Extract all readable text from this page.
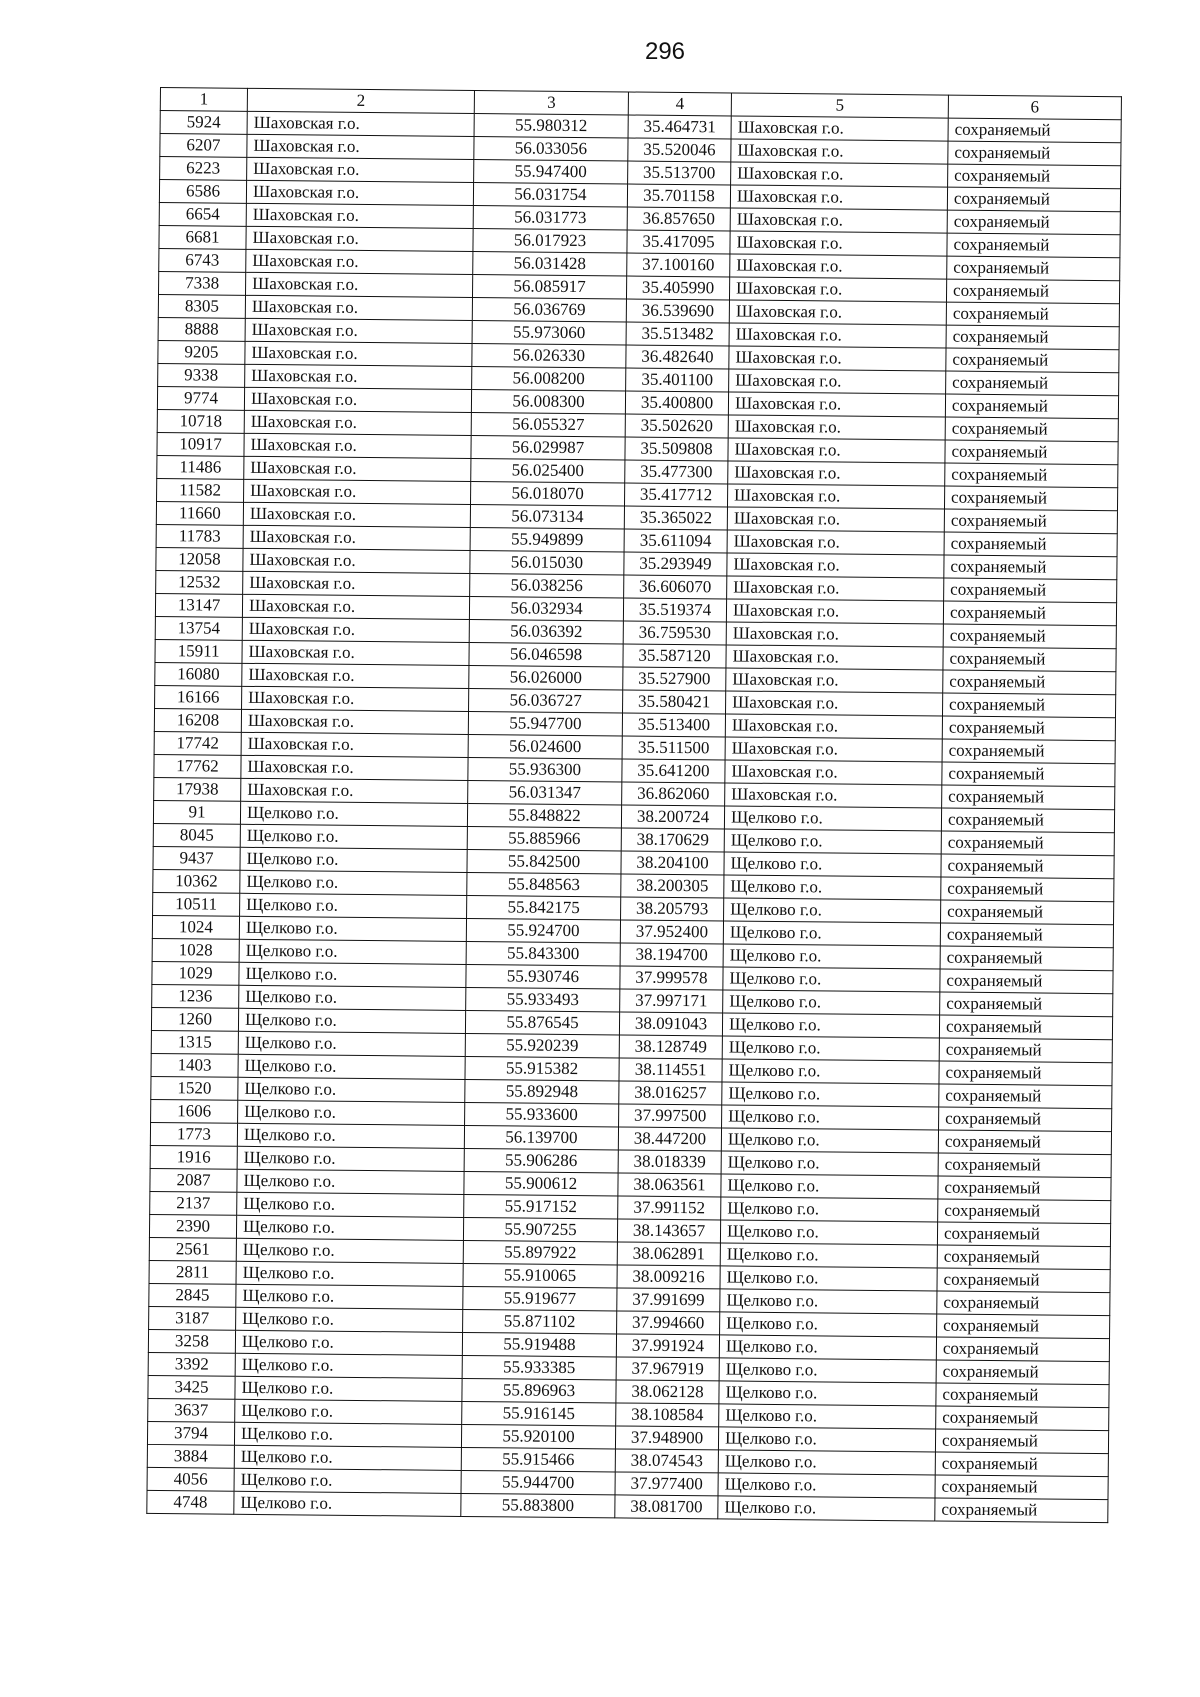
296
1	2	3	4	5	6
5924	Шаховская г.о.	55.980312	35.464731	Шаховская г.о.	сохраняемый
6207	Шаховская г.о.	56.033056	35.520046	Шаховская г.о.	сохраняемый
6223	Шаховская г.о.	55.947400	35.513700	Шаховская г.о.	сохраняемый
6586	Шаховская г.о.	56.031754	35.701158	Шаховская г.о.	сохраняемый
6654	Шаховская г.о.	56.031773	36.857650	Шаховская г.о.	сохраняемый
6681	Шаховская г.о.	56.017923	35.417095	Шаховская г.о.	сохраняемый
6743	Шаховская г.о.	56.031428	37.100160	Шаховская г.о.	сохраняемый
7338	Шаховская г.о.	56.085917	35.405990	Шаховская г.о.	сохраняемый
8305	Шаховская г.о.	56.036769	36.539690	Шаховская г.о.	сохраняемый
8888	Шаховская г.о.	55.973060	35.513482	Шаховская г.о.	сохраняемый
9205	Шаховская г.о.	56.026330	36.482640	Шаховская г.о.	сохраняемый
9338	Шаховская г.о.	56.008200	35.401100	Шаховская г.о.	сохраняемый
9774	Шаховская г.о.	56.008300	35.400800	Шаховская г.о.	сохраняемый
10718	Шаховская г.о.	56.055327	35.502620	Шаховская г.о.	сохраняемый
10917	Шаховская г.о.	56.029987	35.509808	Шаховская г.о.	сохраняемый
11486	Шаховская г.о.	56.025400	35.477300	Шаховская г.о.	сохраняемый
11582	Шаховская г.о.	56.018070	35.417712	Шаховская г.о.	сохраняемый
11660	Шаховская г.о.	56.073134	35.365022	Шаховская г.о.	сохраняемый
11783	Шаховская г.о.	55.949899	35.611094	Шаховская г.о.	сохраняемый
12058	Шаховская г.о.	56.015030	35.293949	Шаховская г.о.	сохраняемый
12532	Шаховская г.о.	56.038256	36.606070	Шаховская г.о.	сохраняемый
13147	Шаховская г.о.	56.032934	35.519374	Шаховская г.о.	сохраняемый
13754	Шаховская г.о.	56.036392	36.759530	Шаховская г.о.	сохраняемый
15911	Шаховская г.о.	56.046598	35.587120	Шаховская г.о.	сохраняемый
16080	Шаховская г.о.	56.026000	35.527900	Шаховская г.о.	сохраняемый
16166	Шаховская г.о.	56.036727	35.580421	Шаховская г.о.	сохраняемый
16208	Шаховская г.о.	55.947700	35.513400	Шаховская г.о.	сохраняемый
17742	Шаховская г.о.	56.024600	35.511500	Шаховская г.о.	сохраняемый
17762	Шаховская г.о.	55.936300	35.641200	Шаховская г.о.	сохраняемый
17938	Шаховская г.о.	56.031347	36.862060	Шаховская г.о.	сохраняемый
91	Щелково г.о.	55.848822	38.200724	Щелково г.о.	сохраняемый
8045	Щелково г.о.	55.885966	38.170629	Щелково г.о.	сохраняемый
9437	Щелково г.о.	55.842500	38.204100	Щелково г.о.	сохраняемый
10362	Щелково г.о.	55.848563	38.200305	Щелково г.о.	сохраняемый
10511	Щелково г.о.	55.842175	38.205793	Щелково г.о.	сохраняемый
1024	Щелково г.о.	55.924700	37.952400	Щелково г.о.	сохраняемый
1028	Щелково г.о.	55.843300	38.194700	Щелково г.о.	сохраняемый
1029	Щелково г.о.	55.930746	37.999578	Щелково г.о.	сохраняемый
1236	Щелково г.о.	55.933493	37.997171	Щелково г.о.	сохраняемый
1260	Щелково г.о.	55.876545	38.091043	Щелково г.о.	сохраняемый
1315	Щелково г.о.	55.920239	38.128749	Щелково г.о.	сохраняемый
1403	Щелково г.о.	55.915382	38.114551	Щелково г.о.	сохраняемый
1520	Щелково г.о.	55.892948	38.016257	Щелково г.о.	сохраняемый
1606	Щелково г.о.	55.933600	37.997500	Щелково г.о.	сохраняемый
1773	Щелково г.о.	56.139700	38.447200	Щелково г.о.	сохраняемый
1916	Щелково г.о.	55.906286	38.018339	Щелково г.о.	сохраняемый
2087	Щелково г.о.	55.900612	38.063561	Щелково г.о.	сохраняемый
2137	Щелково г.о.	55.917152	37.991152	Щелково г.о.	сохраняемый
2390	Щелково г.о.	55.907255	38.143657	Щелково г.о.	сохраняемый
2561	Щелково г.о.	55.897922	38.062891	Щелково г.о.	сохраняемый
2811	Щелково г.о.	55.910065	38.009216	Щелково г.о.	сохраняемый
2845	Щелково г.о.	55.919677	37.991699	Щелково г.о.	сохраняемый
3187	Щелково г.о.	55.871102	37.994660	Щелково г.о.	сохраняемый
3258	Щелково г.о.	55.919488	37.991924	Щелково г.о.	сохраняемый
3392	Щелково г.о.	55.933385	37.967919	Щелково г.о.	сохраняемый
3425	Щелково г.о.	55.896963	38.062128	Щелково г.о.	сохраняемый
3637	Щелково г.о.	55.916145	38.108584	Щелково г.о.	сохраняемый
3794	Щелково г.о.	55.920100	37.948900	Щелково г.о.	сохраняемый
3884	Щелково г.о.	55.915466	38.074543	Щелково г.о.	сохраняемый
4056	Щелково г.о.	55.944700	37.977400	Щелково г.о.	сохраняемый
4748	Щелково г.о.	55.883800	38.081700	Щелково г.о.	сохраняемый
